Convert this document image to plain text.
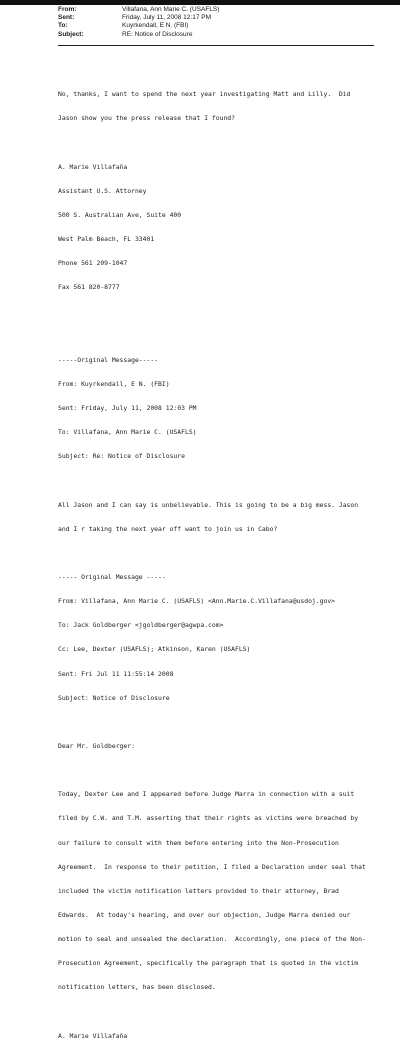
From:	Villafana, Ann Marie C. (USAFLS)
Sent:	Friday, July 11, 2008 12:17 PM
To:	Kuyrkendall, E N. (FBI)
Subject:	RE: Notice of Disclosure

No, thanks, I want to spend the next year investigating Matt and Lilly.  Did

Jason show you the press release that I found?

A. Marie Villafaña

Assistant U.S. Attorney

500 S. Australian Ave, Suite 400

West Palm Beach, FL 33401

Phone 561 209-1047

Fax 561 820-8777

-----Original Message-----

From: Kuyrkendall, E N. (FBI)

Sent: Friday, July 11, 2008 12:03 PM

To: Villafana, Ann Marie C. (USAFLS)

Subject: Re: Notice of Disclosure

All Jason and I can say is unbelievable. This is going to be a big mess. Jason

and I r taking the next year off want to join us in Cabo?

----- Original Message -----

From: Villafana, Ann Marie C. (USAFLS) <Ann.Marie.C.Villafana@usdoj.gov>

To: Jack Goldberger <jgoldberger@agwpa.com>

Cc: Lee, Dexter (USAFLS); Atkinson, Karen (USAFLS)

Sent: Fri Jul 11 11:55:14 2008

Subject: Notice of Disclosure

Dear Mr. Goldberger:

Today, Dexter Lee and I appeared before Judge Marra in connection with a suit

filed by C.W. and T.M. asserting that their rights as victims were breached by

our failure to consult with them before entering into the Non-Prosecution

Agreement.  In response to their petition, I filed a Declaration under seal that

included the victim notification letters provided to their attorney, Brad

Edwards.  At today's hearing, and over our objection, Judge Marra denied our

motion to seal and unsealed the declaration.  Accordingly, one piece of the Non-

Prosecution Agreement, specifically the paragraph that is quoted in the victim

notification letters, has been disclosed.

A. Marie Villafaña
